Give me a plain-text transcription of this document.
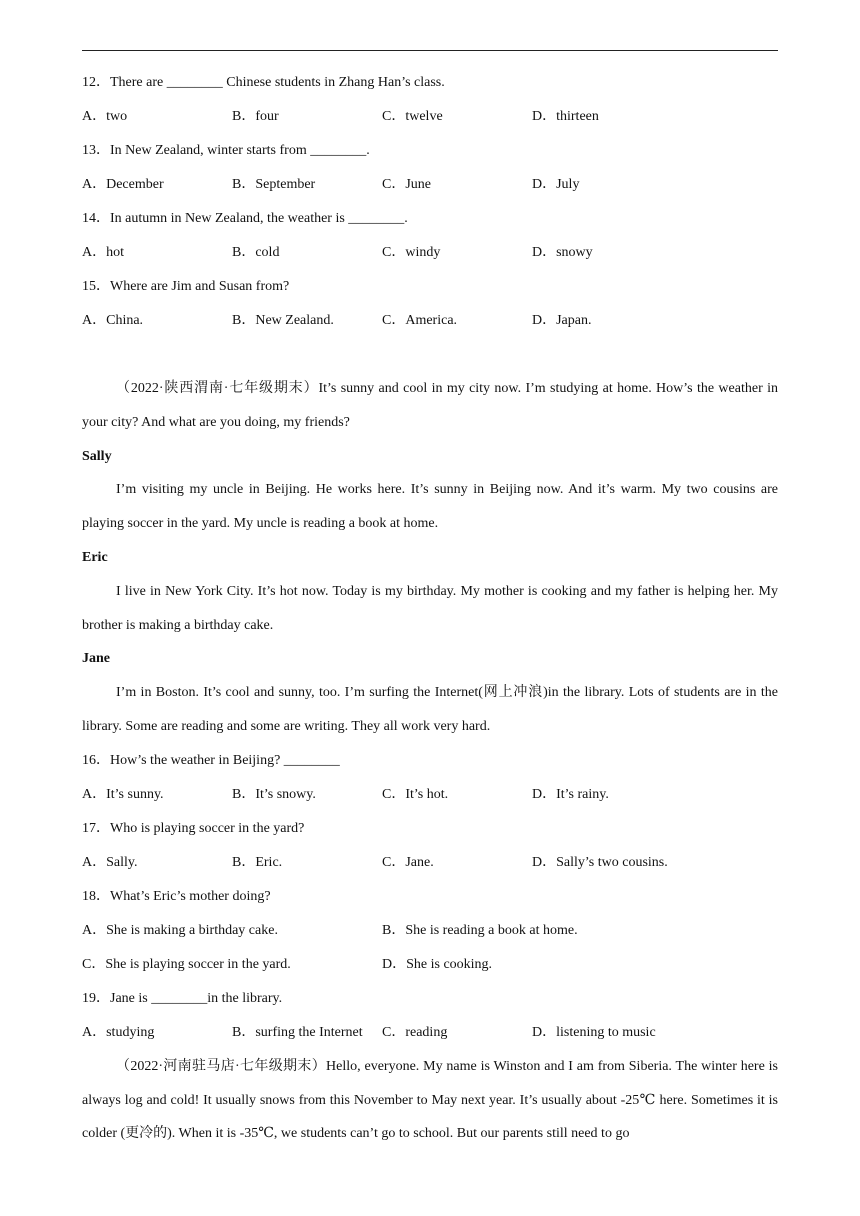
12．There are ________ Chinese students in Zhang Han’s class.
A．two	B．four	C．twelve	D．thirteen
13．In New Zealand, winter starts from ________.
A．December	B．September	C．June	D．July
14．In autumn in New Zealand, the weather is ________.
A．hot	B．cold	C．windy	D．snowy
15．Where are Jim and Susan from?
A．China.	B．New Zealand.	C．America.	D．Japan.
（2022·陕西渭南·七年级期末）It’s sunny and cool in my city now. I’m studying at home. How’s the weather in your city? And what are you doing, my friends?
Sally
I’m visiting my uncle in Beijing. He works here. It’s sunny in Beijing now. And it’s warm. My two cousins are playing soccer in the yard. My uncle is reading a book at home.
Eric
I live in New York City. It’s hot now. Today is my birthday. My mother is cooking and my father is helping her. My brother is making a birthday cake.
Jane
I’m in Boston. It’s cool and sunny, too. I’m surfing the Internet(网上冲浪)in the library. Lots of students are in the library. Some are reading and some are writing. They all work very hard.
16．How’s the weather in Beijing? ________
A．It’s sunny.	B．It’s snowy.	C．It’s hot.	D．It’s rainy.
17．Who is playing soccer in the yard?
A．Sally.	B．Eric.	C．Jane.	D．Sally’s two cousins.
18．What’s Eric’s mother doing?
A．She is making a birthday cake.	B．She is reading a book at home.
C．She is playing soccer in the yard.	D．She is cooking.
19．Jane is ________in the library.
A．studying	B．surfing the Internet	C．reading	D．listening to music
（2022·河南驻马店·七年级期末）Hello, everyone. My name is Winston and I am from Siberia. The winter here is always log and cold! It usually snows from this November to May next year. It’s usually about -25℃ here. Sometimes it is colder (更冷的). When it is -35℃, we students can’t go to school. But our parents still need to go
